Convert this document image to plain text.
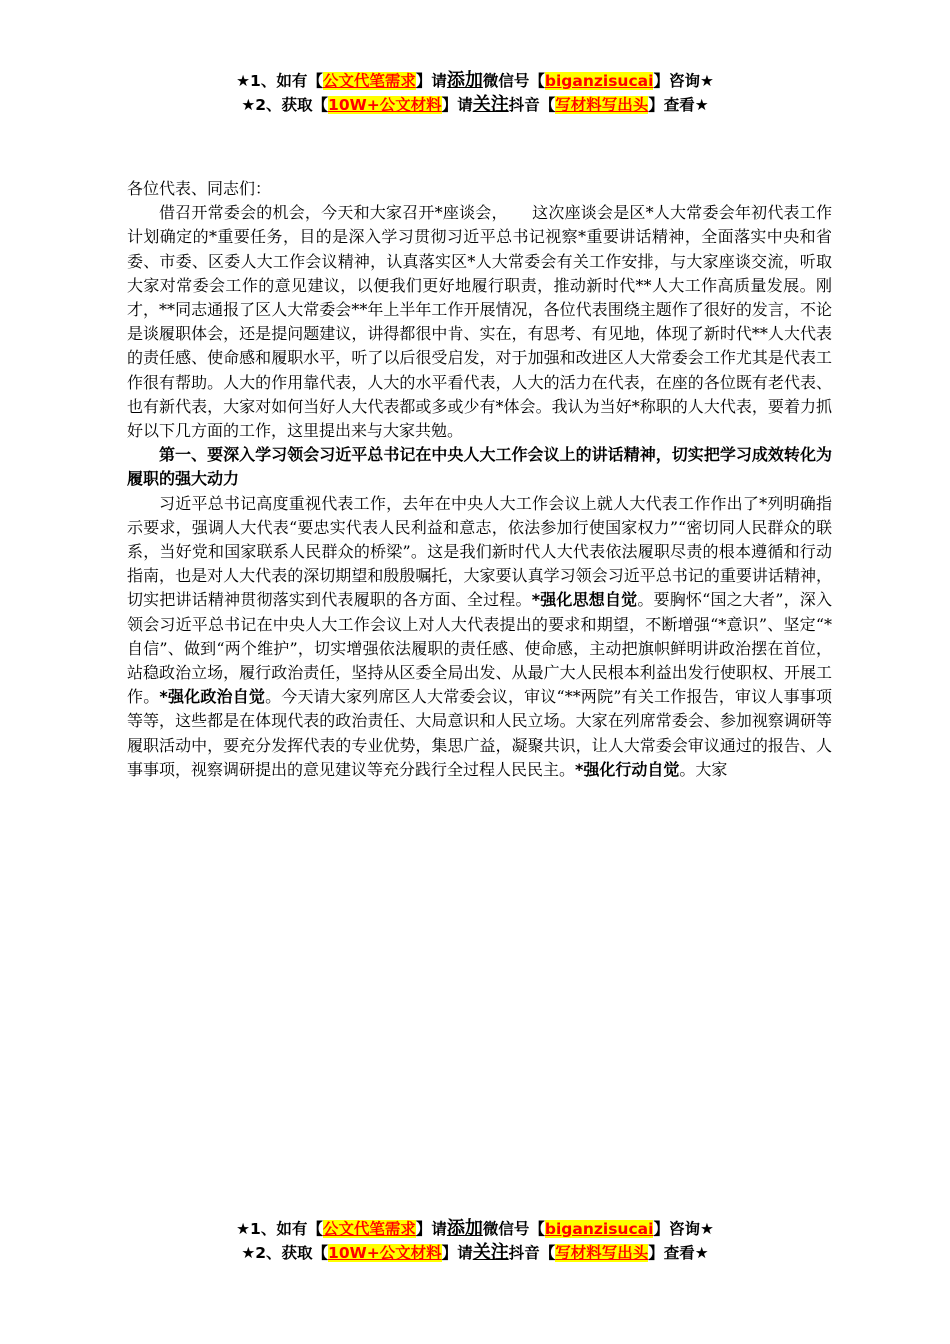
★1、如有【公文代笔需求】请添加微信号【biganzisucai】咨询★
★2、获取【10W+公文材料】请关注抖音【写材料写出头】查看★

各位代表、同志们：

借召开常委会的机会，今天和大家召开*座谈会，　　这次座谈会是区*人大常委会年初代表工作计划确定的*重要任务，目的是深入学习贯彻习近平总书记视察*重要讲话精神，全面落实中央和省委、市委、区委人大工作会议精神，认真落实区*人大常委会有关工作安排，与大家座谈交流，听取大家对常委会工作的意见建议，以便我们更好地履行职责，推动新时代**人大工作高质量发展。刚才，**同志通报了区人大常委会**年上半年工作开展情况，各位代表围绕主题作了很好的发言，不论是谈履职体会，还是提问题建议，讲得都很中肯、实在，有思考、有见地，体现了新时代**人大代表的责任感、使命感和履职水平，听了以后很受启发，对于加强和改进区人大常委会工作尤其是代表工作很有帮助。人大的作用靠代表，人大的水平看代表，人大的活力在代表，在座的各位既有老代表、也有新代表，大家对如何当好人大代表都或多或少有*体会。我认为当好*称职的人大代表，要着力抓好以下几方面的工作，这里提出来与大家共勉。

第一、要深入学习领会习近平总书记在中央人大工作会议上的讲话精神，切实把学习成效转化为履职的强大动力

习近平总书记高度重视代表工作，去年在中央人大工作会议上就人大代表工作作出了*列明确指示要求，强调人大代表“要忠实代表人民利益和意志，依法参加行使国家权力”“密切同人民群众的联系，当好党和国家联系人民群众的桥梁”。这是我们新时代人大代表依法履职尽责的根本遵循和行动指南，也是对人大代表的深切期望和殷殷嘱托，大家要认真学习领会习近平总书记的重要讲话精神，切实把讲话精神贯彻落实到代表履职的各方面、全过程。*强化思想自觉。要胸怀“国之大者”，深入领会习近平总书记在中央人大工作会议上对人大代表提出的要求和期望，不断增强“*意识”、坚定“*自信”、做到“两个维护”，切实增强依法履职的责任感、使命感，主动把旗帜鲜明讲政治摆在首位，站稳政治立场，履行政治责任，坚持从区委全局出发、从最广大人民根本利益出发行使职权、开展工作。*强化政治自觉。今天请大家列席区人大常委会议，审议“**两院”有关工作报告，审议人事事项等等，这些都是在体现代表的政治责任、大局意识和人民立场。大家在列席常委会、参加视察调研等履职活动中，要充分发挥代表的专业优势，集思广益，凝聚共识，让人大常委会审议通过的报告、人事事项，视察调研提出的意见建议等充分践行全过程人民民主。*强化行动自觉。大家

★1、如有【公文代笔需求】请添加微信号【biganzisucai】咨询★
★2、获取【10W+公文材料】请关注抖音【写材料写出头】查看★
